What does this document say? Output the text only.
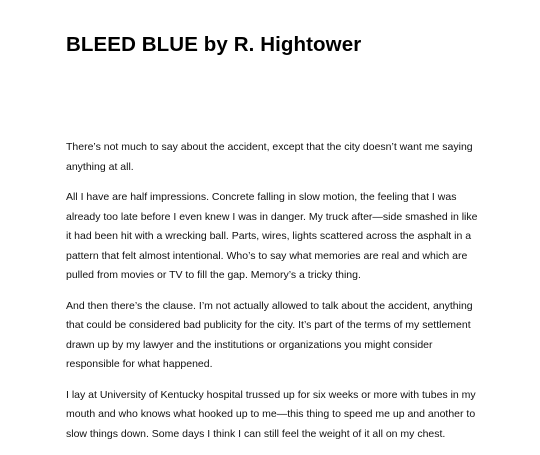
BLEED BLUE by R. Hightower

There’s not much to say about the accident, except that the city doesn’t want me saying anything at all.

All I have are half impressions. Concrete falling in slow motion, the feeling that I was already too late before I even knew I was in danger. My truck after—side smashed in like it had been hit with a wrecking ball. Parts, wires, lights scattered across the asphalt in a pattern that felt almost intentional. Who’s to say what memories are real and which are pulled from movies or TV to fill the gap. Memory’s a tricky thing.

And then there’s the clause. I’m not actually allowed to talk about the accident, anything that could be considered bad publicity for the city. It’s part of the terms of my settlement drawn up by my lawyer and the institutions or organizations you might consider responsible for what happened.

I lay at University of Kentucky hospital trussed up for six weeks or more with tubes in my mouth and who knows what hooked up to me—this thing to speed me up and another to slow things down. Some days I think I can still feel the weight of it all on my chest.
